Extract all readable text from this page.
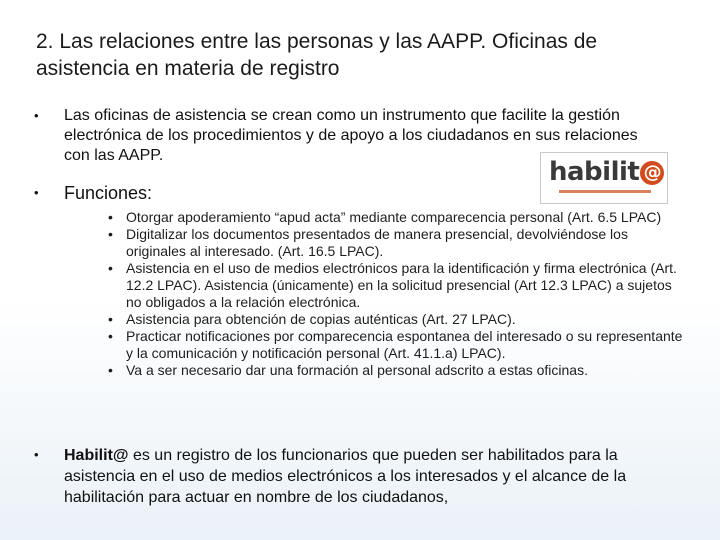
2. Las relaciones entre las personas y las AAPP. Oficinas de asistencia en materia de registro
• Las oficinas de asistencia se crean como un instrumento que facilite la gestión electrónica de los procedimientos y de apoyo a los ciudadanos en sus relaciones con las AAPP.
habilit @
• Funciones:

• Otorgar apoderamiento “apud acta” mediante comparecencia personal (Art. 6.5 LPAC)

• Digitalizar los documentos presentados de manera presencial, devolviéndose los originales al interesado. (Art. 16.5 LPAC).

• Asistencia en el uso de medios electrónicos para la identificación y firma electrónica (Art. 12.2 LPAC). Asistencia (únicamente) en la solicitud presencial (Art 12.3 LPAC) a sujetos no obligados a la relación electrónica.

• Asistencia para obtención de copias auténticas (Art. 27 LPAC).

• Practicar notificaciones por comparecencia espontanea del interesado o su representante y la comunicación y notificación personal (Art. 41.1.a) LPAC).

• Va a ser necesario dar una formación al personal adscrito a estas oficinas.

• Habilit@ es un registro de los funcionarios que pueden ser habilitados para la asistencia en el uso de medios electrónicos a los interesados y el alcance de la habilitación para actuar en nombre de los ciudadanos,
